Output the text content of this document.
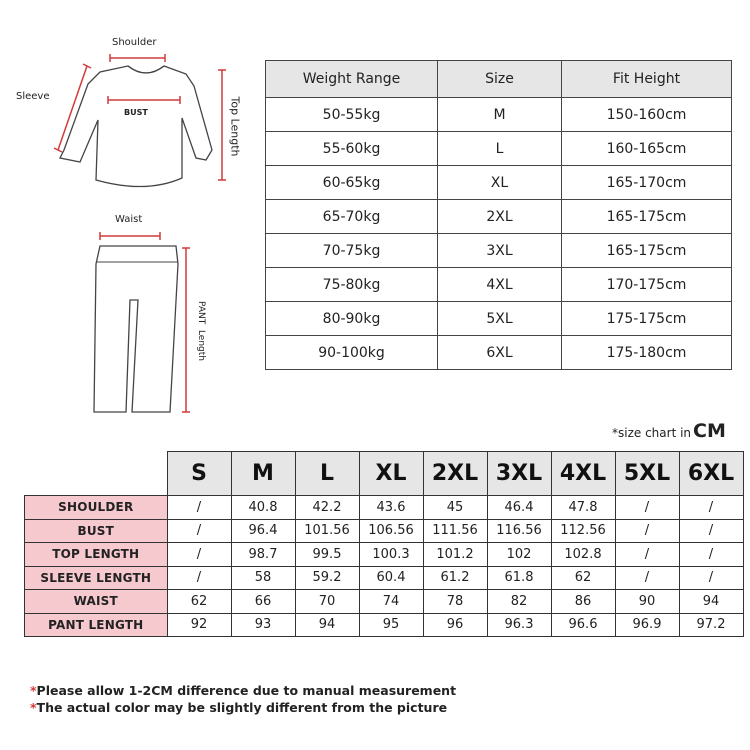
Shoulder
Sleeve
BUST	Top Length
Waist
PANT  Length
Weight Range	Size	Fit Height
50-55kg	M	150-160cm
55-60kg	L	160-165cm
60-65kg	XL	165-170cm
65-70kg	2XL	165-175cm
70-75kg	3XL	165-175cm
75-80kg	4XL	170-175cm
80-90kg	5XL	175-175cm
90-100kg	6XL	175-180cm
*size chart in CM
	S	M	L	XL	2XL	3XL	4XL	5XL	6XL
SHOULDER	/	40.8	42.2	43.6	45	46.4	47.8	/	/
BUST	/	96.4	101.56	106.56	111.56	116.56	112.56	/	/
TOP LENGTH	/	98.7	99.5	100.3	101.2	102	102.8	/	/
SLEEVE LENGTH	/	58	59.2	60.4	61.2	61.8	62	/	/
WAIST	62	66	70	74	78	82	86	90	94
PANT LENGTH	92	93	94	95	96	96.3	96.6	96.9	97.2
*Please allow 1-2CM difference due to manual measurement
*The actual color may be slightly different from the picture
